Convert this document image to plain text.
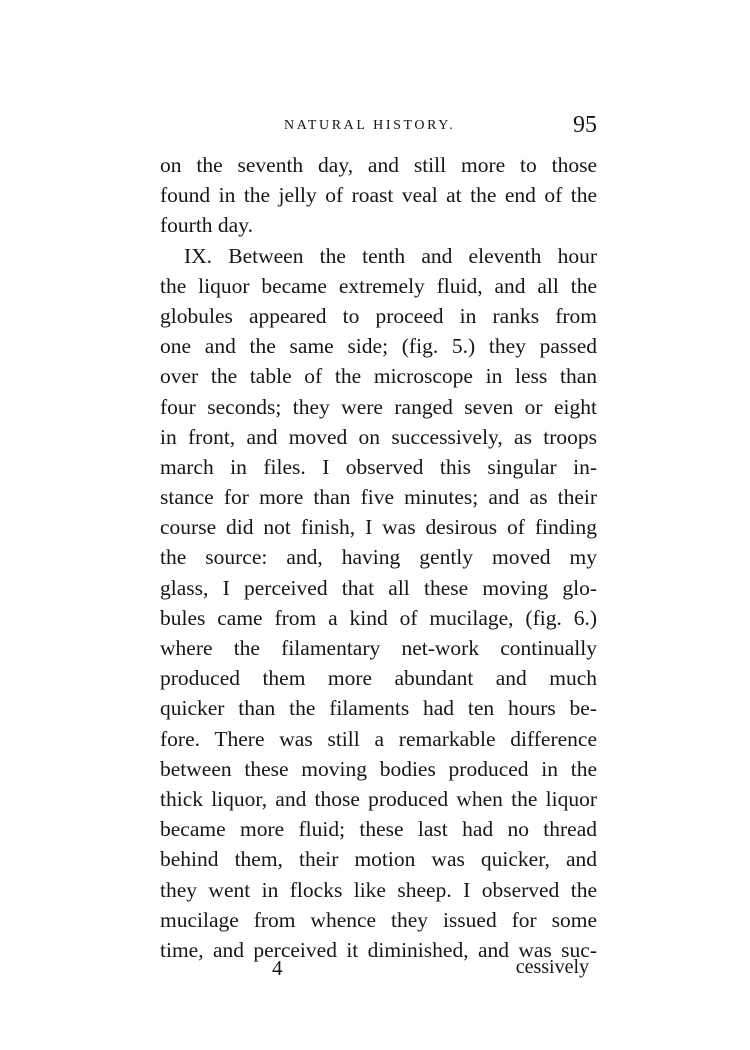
NATURAL HISTORY.	95
on the seventh day, and still more to those
found in the jelly of roast veal at the end of the
fourth day.
IX. Between the tenth and eleventh hour
the liquor became extremely fluid, and all the
globules appeared to proceed in ranks from
one and the same side; (fig. 5.) they passed
over the table of the microscope in less than
four seconds; they were ranged seven or eight
in front, and moved on successively, as troops
march in files. I observed this singular in-
stance for more than five minutes; and as their
course did not finish, I was desirous of finding
the source: and, having gently moved my
glass, I perceived that all these moving glo-
bules came from a kind of mucilage, (fig. 6.)
where the filamentary net-work continually
produced them more abundant and much
quicker than the filaments had ten hours be-
fore. There was still a remarkable difference
between these moving bodies produced in the
thick liquor, and those produced when the liquor
became more fluid; these last had no thread
behind them, their motion was quicker, and
they went in flocks like sheep. I observed the
mucilage from whence they issued for some
time, and perceived it diminished, and was suc-
4	cessively
